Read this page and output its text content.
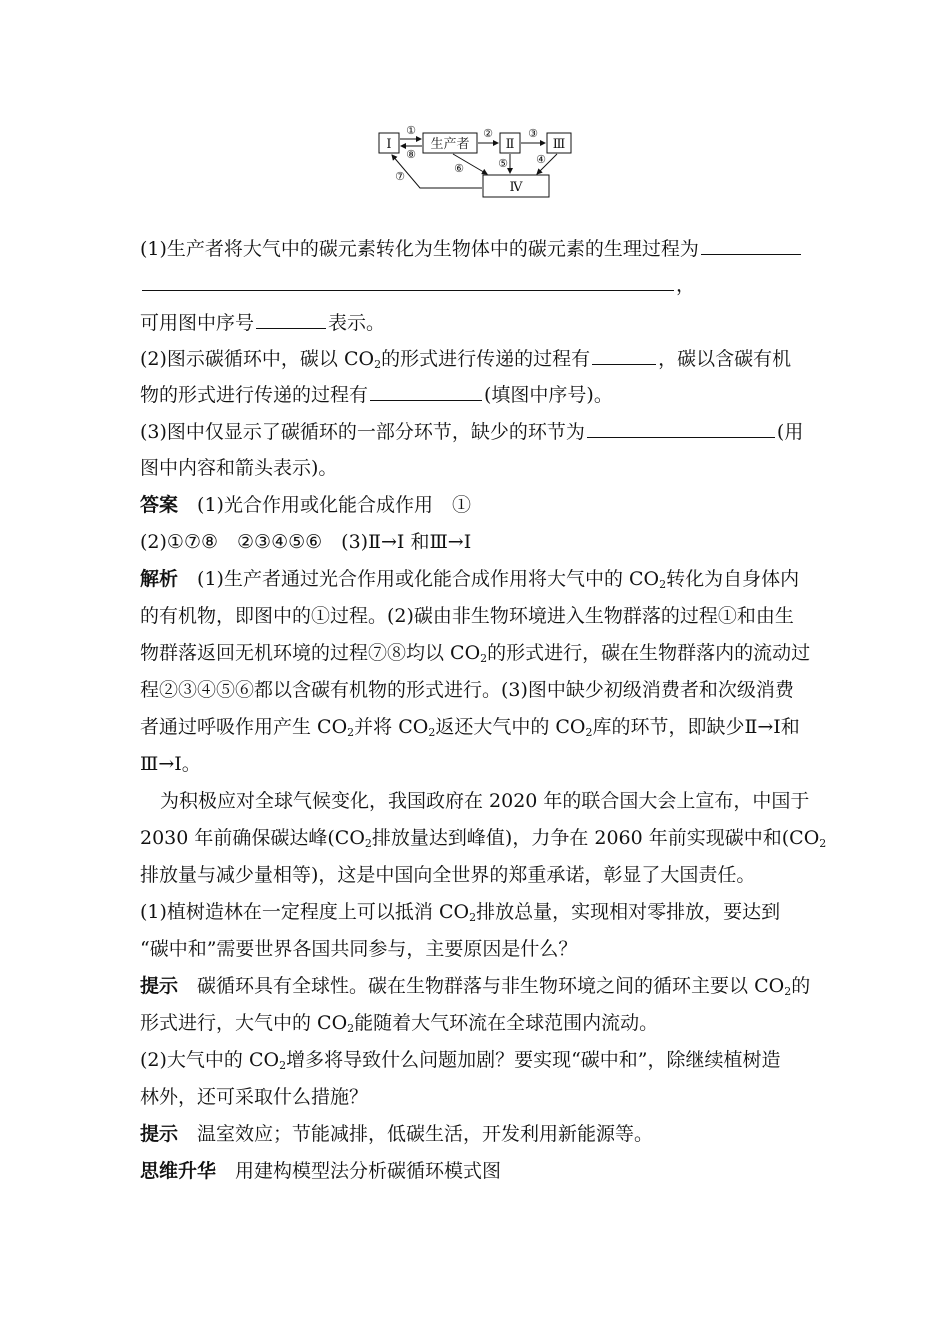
Ⅰ	生产者	Ⅱ	Ⅲ
Ⅳ
①
⑧
②	③
④
⑤
⑥
⑦
(1)生产者将大气中的碳元素转化为生物体中的碳元素的生理过程为
，
可用图中序号	表示。
(2)图示碳循环中，碳以 $CO_2$的形式进行传递的过程有	，碳以含碳有机
物的形式进行传递的过程有	(填图中序号)。
(3)图中仅显示了碳循环的一部分环节，缺少的环节为	(用
图中内容和箭头表示)。
答案　 (1)光合作用或化能合成作用　①
(2)①⑦⑧　②③④⑤⑥　(3)Ⅱ→Ⅰ 和Ⅲ→Ⅰ
解析　 (1)生产者通过光合作用或化能合成作用将大气中的 $CO_2$转化为自身体内
的有机物，即图中的①过程。(2)碳由非生物环境进入生物群落的过程①和由生
物群落返回无机环境的过程⑦⑧均以 $CO_2$的形式进行，碳在生物群落内的流动过
程②③④⑤⑥都以含碳有机物的形式进行。(3)图中缺少初级消费者和次级消费
者通过呼吸作用产生 $CO_2$并将 $CO_2$返还大气中的 $CO_2$库的环节，即缺少Ⅱ→Ⅰ和
Ⅲ→Ⅰ。
为积极应对全球气候变化，我国政府在 2020 年的联合国大会上宣布，中国于
2030 年前确保碳达峰($CO_2$排放量达到峰值)，力争在 2060 年前实现碳中和($CO_2$
排放量与减少量相等)，这是中国向全世界的郑重承诺，彰显了大国责任。
(1)植树造林在一定程度上可以抵消 $CO_2$排放总量，实现相对零排放，要达到
“碳中和”需要世界各国共同参与，主要原因是什么？
提示　 碳循环具有全球性。碳在生物群落与非生物环境之间的循环主要以 $CO_2$的
形式进行，大气中的 $CO_2$能随着大气环流在全球范围内流动。
(2)大气中的 $CO_2$增多将导致什么问题加剧？要实现“碳中和”，除继续植树造
林外，还可采取什么措施？
提示　 温室效应；节能减排，低碳生活，开发利用新能源等。
思维升华　 用建构模型法分析碳循环模式图
